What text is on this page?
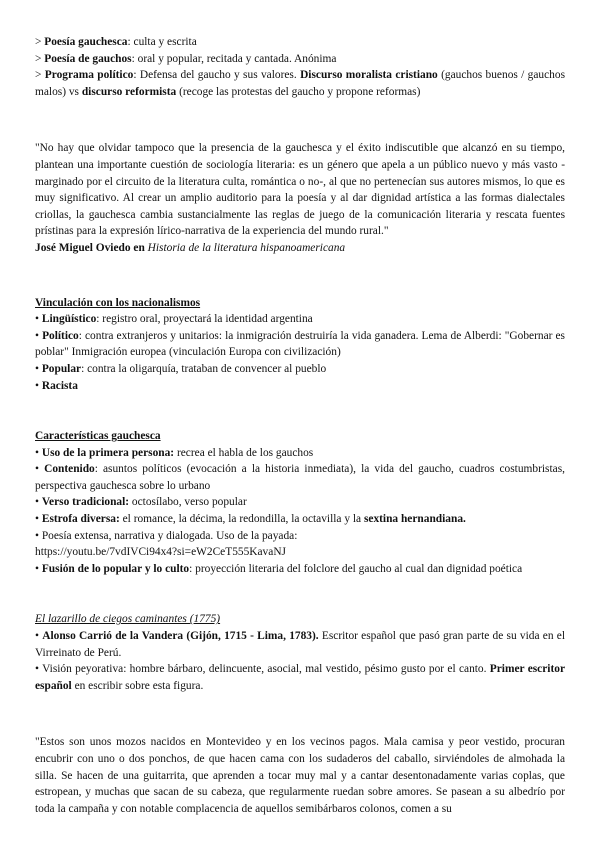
> Poesía gauchesca: culta y escrita

> Poesía de gauchos: oral y popular, recitada y cantada. Anónima

> Programa político: Defensa del gaucho y sus valores. Discurso moralista cristiano (gauchos buenos / gauchos malos) vs discurso reformista (recoge las protestas del gaucho y propone reformas)

"No hay que olvidar tampoco que la presencia de la gauchesca y el éxito indiscutible que alcanzó en su tiempo, plantean una importante cuestión de sociología literaria: es un género que apela a un público nuevo y más vasto - marginado por el circuito de la literatura culta, romántica o no-, al que no pertenecían sus autores mismos, lo que es muy significativo. Al crear un amplio auditorio para la poesía y al dar dignidad artística a las formas dialectales criollas, la gauchesca cambia sustancialmente las reglas de juego de la comunicación literaria y rescata fuentes prístinas para la expresión lírico-narrativa de la experiencia del mundo rural."

José Miguel Oviedo en Historia de la literatura hispanoamericana

Vinculación con los nacionalismos

• Lingüístico: registro oral, proyectará la identidad argentina

• Político: contra extranjeros y unitarios: la inmigración destruiría la vida ganadera. Lema de Alberdi: "Gobernar es poblar" Inmigración europea (vinculación Europa con civilización)

• Popular: contra la oligarquía, trataban de convencer al pueblo

• Racista

Características gauchesca

• Uso de la primera persona: recrea el habla de los gauchos

• Contenido: asuntos políticos (evocación a la historia inmediata), la vida del gaucho, cuadros costumbristas, perspectiva gauchesca sobre lo urbano

• Verso tradicional: octosílabo, verso popular

• Estrofa diversa: el romance, la décima, la redondilla, la octavilla y la sextina hernandiana.

• Poesía extensa, narrativa y dialogada. Uso de la payada:

https://youtu.be/7vdIVCi94x4?si=eW2CeT555KavaNJ

• Fusión de lo popular y lo culto: proyección literaria del folclore del gaucho al cual dan dignidad poética

El lazarillo de ciegos caminantes (1775)

• Alonso Carrió de la Vandera (Gijón, 1715 - Lima, 1783). Escritor español que pasó gran parte de su vida en el Virreinato de Perú.

• Visión peyorativa: hombre bárbaro, delincuente, asocial, mal vestido, pésimo gusto por el canto. Primer escritor español en escribir sobre esta figura.

"Estos son unos mozos nacidos en Montevideo y en los vecinos pagos. Mala camisa y peor vestido, procuran encubrir con uno o dos ponchos, de que hacen cama con los sudaderos del caballo, sirviéndoles de almohada la silla. Se hacen de una guitarrita, que aprenden a tocar muy mal y a cantar desentonadamente varias coplas, que estropean, y muchas que sacan de su cabeza, que regularmente ruedan sobre amores. Se pasean a su albedrío por toda la campaña y con notable complacencia de aquellos semibárbaros colonos, comen a su
